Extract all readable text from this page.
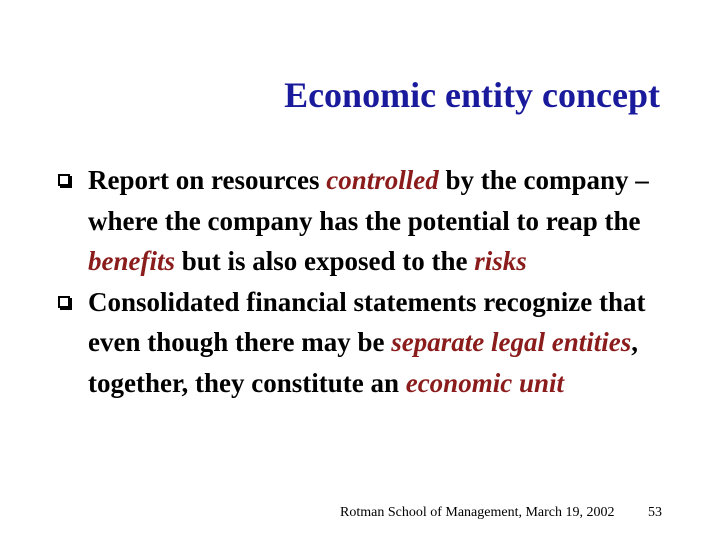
Economic entity concept
Report on resources controlled by the company – where the company has the potential to reap the benefits but is also exposed to the risks
Consolidated financial statements recognize that even though there may be separate legal entities, together, they constitute an economic unit
Rotman School of Management, March 19, 2002 53
